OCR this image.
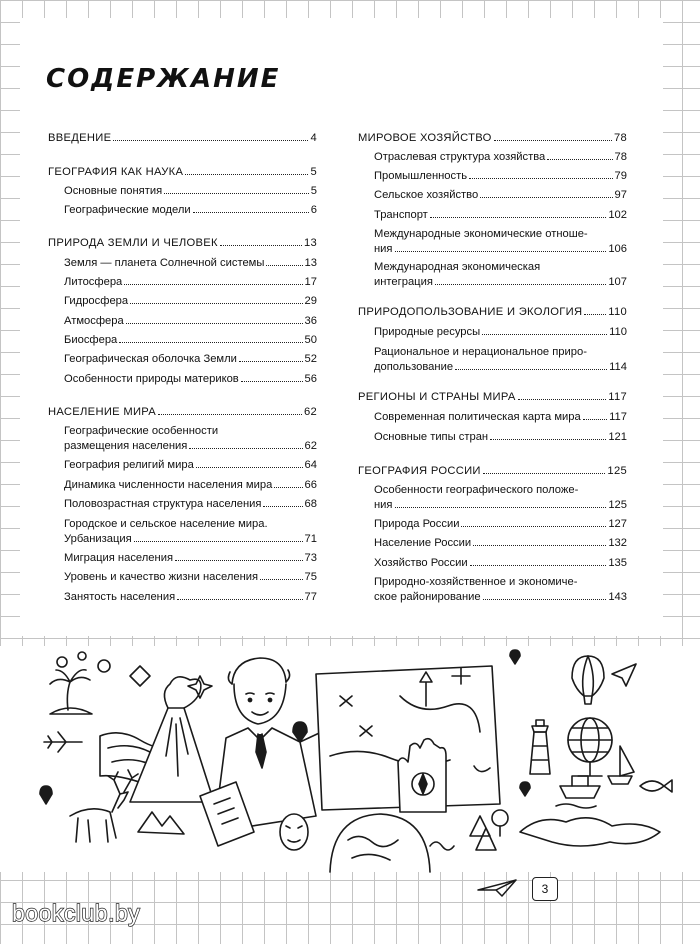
СОДЕРЖАНИЕ
ВВЕДЕНИЕ	4
ГЕОГРАФИЯ КАК НАУКА	5
Основные понятия	5
Географические модели	6
ПРИРОДА ЗЕМЛИ И ЧЕЛОВЕК	13
Земля — планета Солнечной системы	13
Литосфера	17
Гидросфера	29
Атмосфера	36
Биосфера	50
Географическая оболочка Земли	52
Особенности природы материков	56
НАСЕЛЕНИЕ МИРА	62
Географические особенности
размещения населения	62
География религий мира	64
Динамика численности населения мира	66
Половозрастная структура населения	68
Городское и сельское население мира.
Урбанизация	71
Миграция населения	73
Уровень и качество жизни населения	75
Занятость населения	77
МИРОВОЕ ХОЗЯЙСТВО	78
Отраслевая структура хозяйства	78
Промышленность	79
Сельское хозяйство	97
Транспорт	102
Международные экономические отноше-
ния	106
Международная экономическая
интеграция	107
ПРИРОДОПОЛЬЗОВАНИЕ И ЭКОЛОГИЯ 110
Природные ресурсы	110
Рациональное и нерациональное приро-
допользование	114
РЕГИОНЫ И СТРАНЫ МИРА	117
Современная политическая карта мира	117
Основные типы стран	121
ГЕОГРАФИЯ РОССИИ	125
Особенности географического положе-
ния	125
Природа России	127
Население России	132
Хозяйство России	135
Природно-хозяйственное и экономиче-
ское районирование	143
3
bookclub.by
